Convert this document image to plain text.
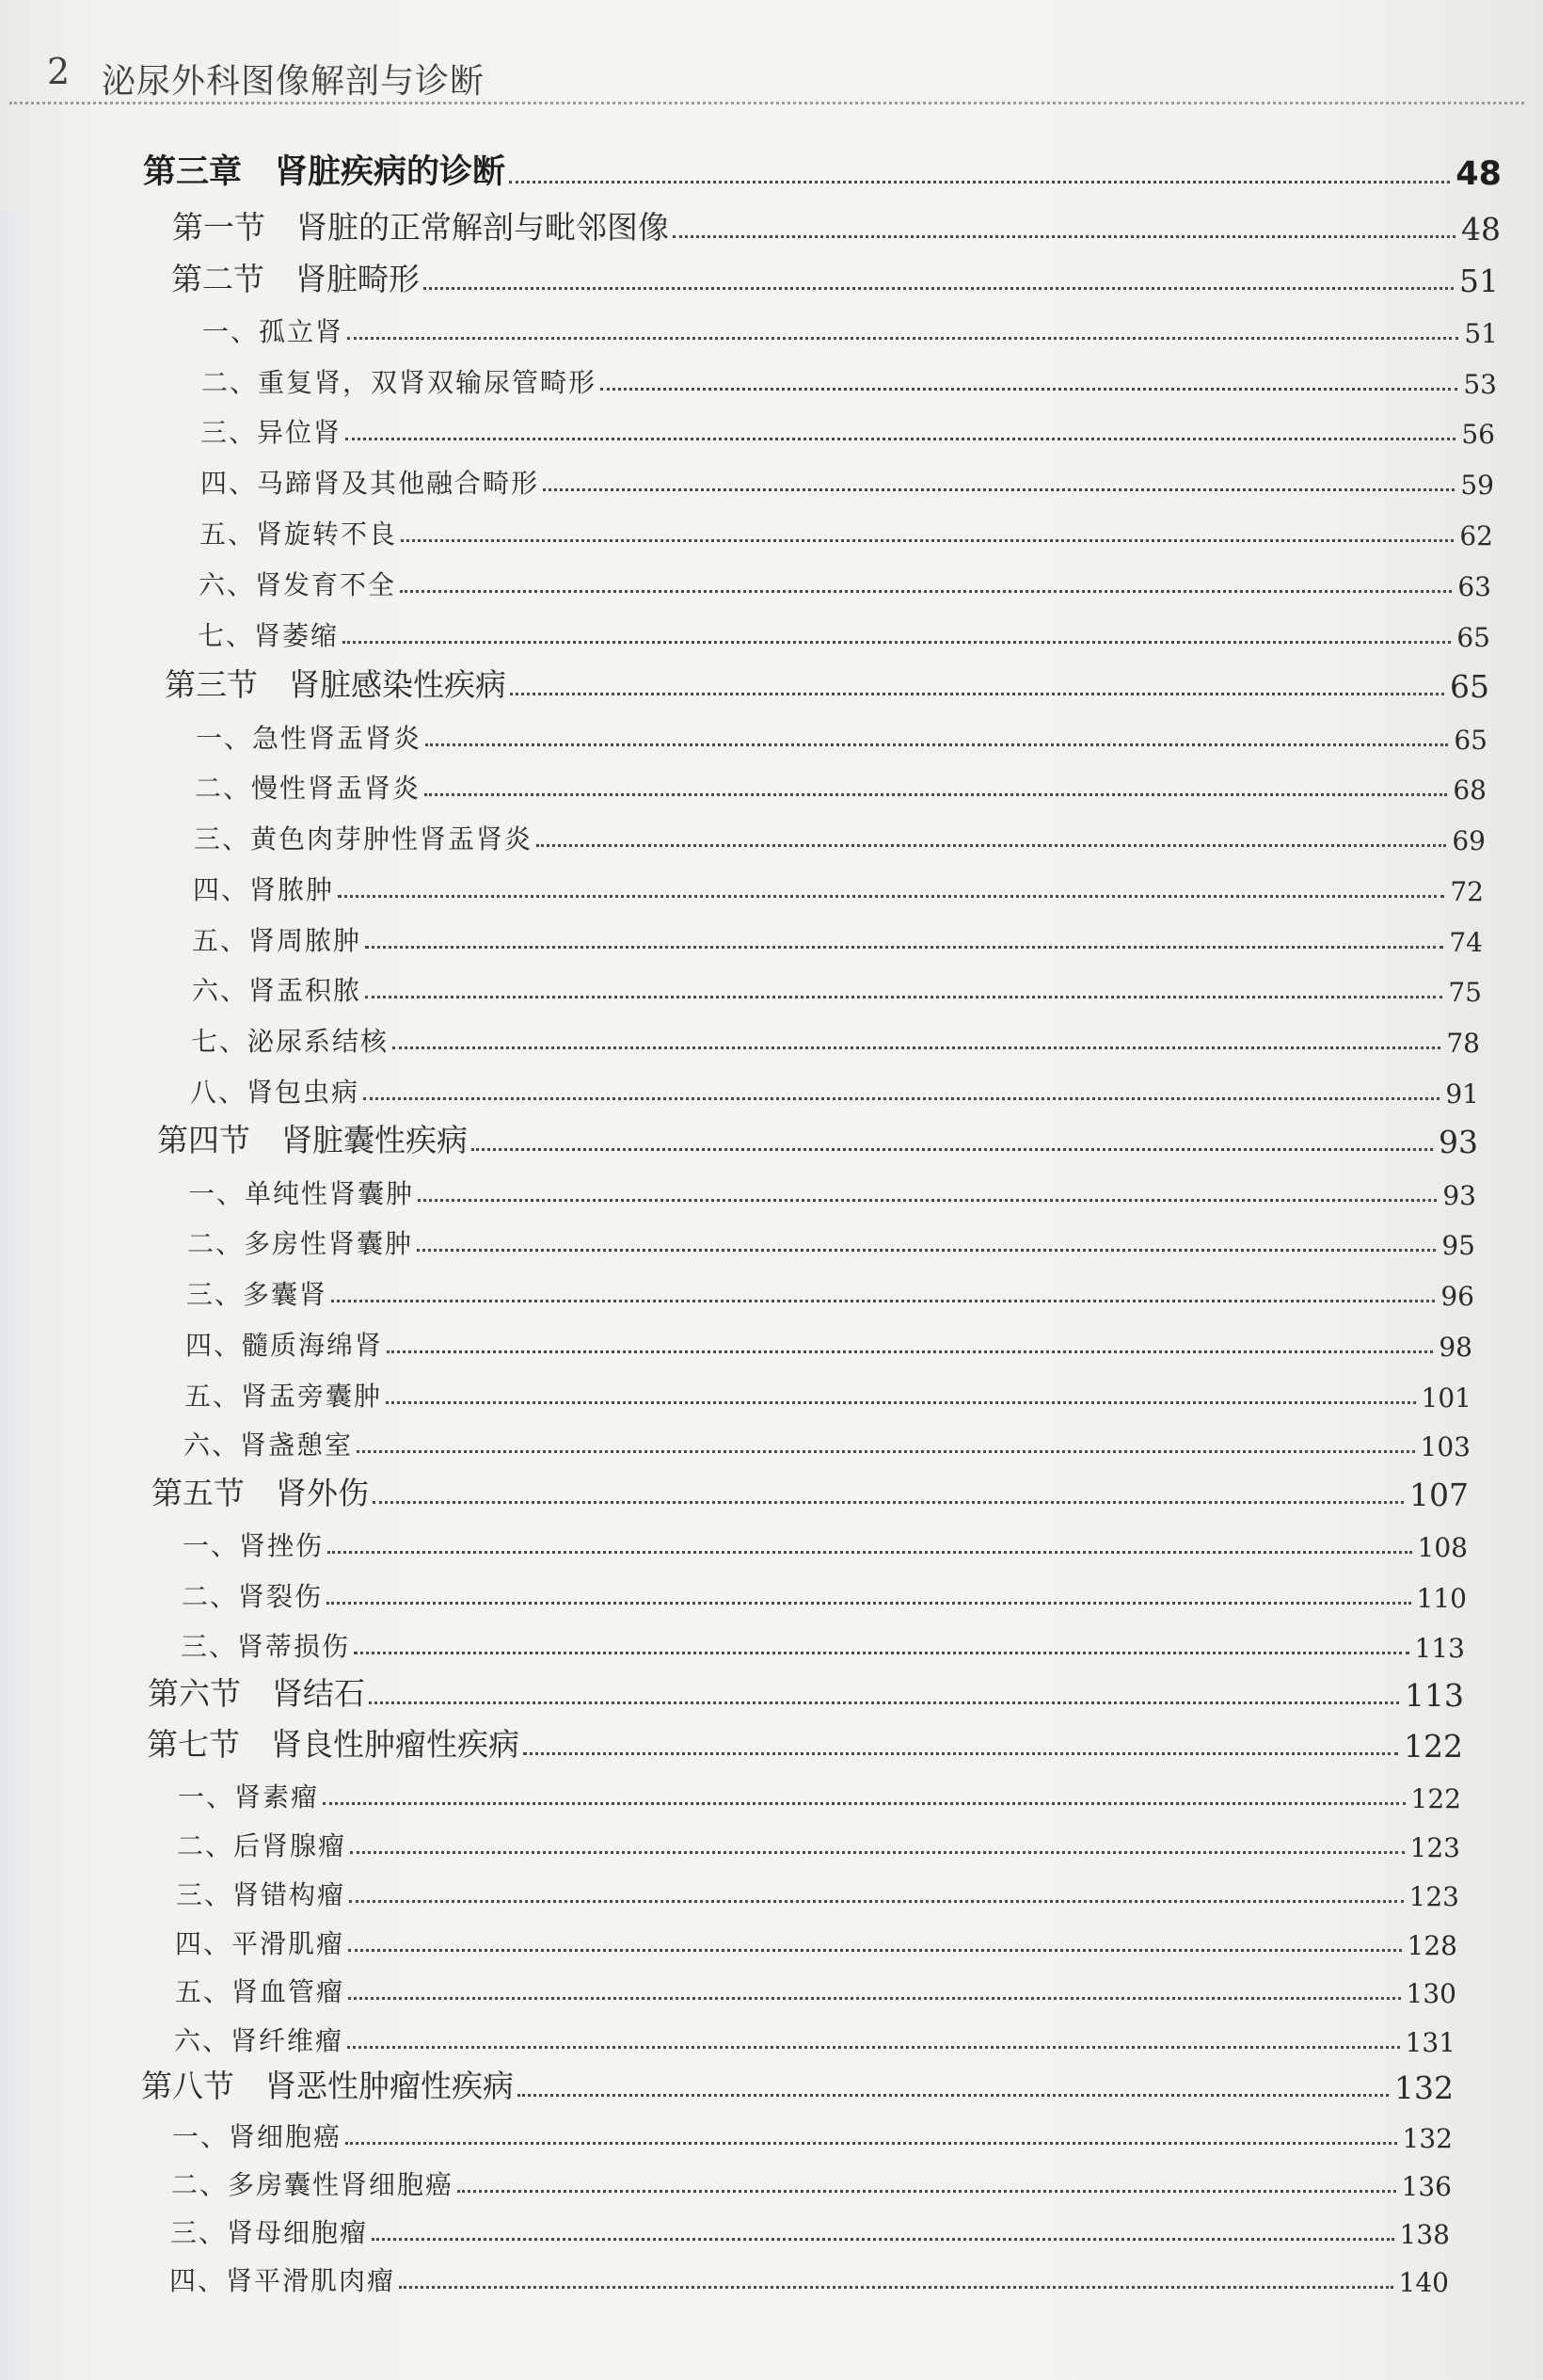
2 泌尿外科图像解剖与诊断
第三章　肾脏疾病的诊断	48
第一节　肾脏的正常解剖与毗邻图像	48
第二节　肾脏畸形	51
一、孤立肾	51
二、重复肾，双肾双输尿管畸形	53
三、异位肾	56
四、马蹄肾及其他融合畸形	59
五、肾旋转不良	62
六、肾发育不全	63
七、肾萎缩	65
第三节　肾脏感染性疾病	65
一、急性肾盂肾炎	65
二、慢性肾盂肾炎	68
三、黄色肉芽肿性肾盂肾炎	69
四、肾脓肿	72
五、肾周脓肿	74
六、肾盂积脓	75
七、泌尿系结核	78
八、肾包虫病	91
第四节　肾脏囊性疾病	93
一、单纯性肾囊肿	93
二、多房性肾囊肿	95
三、多囊肾	96
四、髓质海绵肾	98
五、肾盂旁囊肿	101
六、肾盏憩室	103
第五节　肾外伤	107
一、肾挫伤	108
二、肾裂伤	110
三、肾蒂损伤	113
第六节　肾结石	113
第七节　肾良性肿瘤性疾病	122
一、肾素瘤	122
二、后肾腺瘤	123
三、肾错构瘤	123
四、平滑肌瘤	128
五、肾血管瘤	130
六、肾纤维瘤	131
第八节　肾恶性肿瘤性疾病	132
一、肾细胞癌	132
二、多房囊性肾细胞癌	136
三、肾母细胞瘤	138
四、肾平滑肌肉瘤	140
